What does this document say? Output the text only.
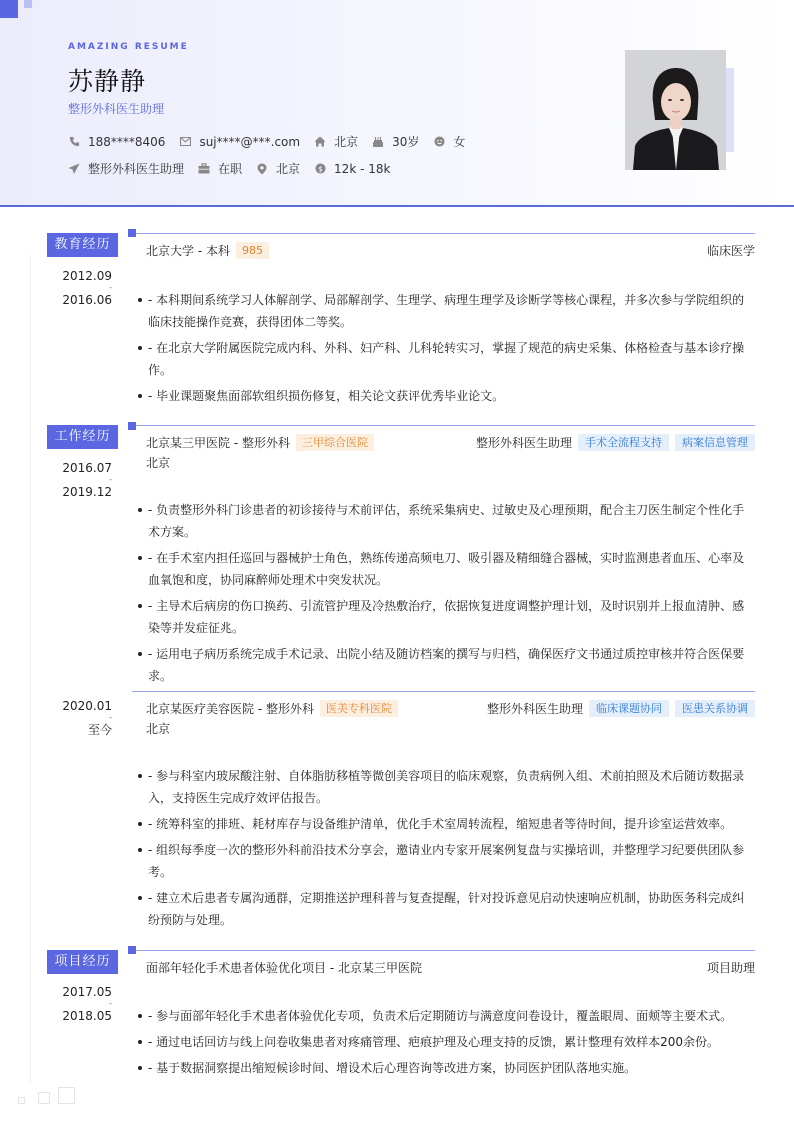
AMAZING RESUME
苏静静
整形外科医生助理
188****8406	suj****@***.com	北京	30岁	女
整形外科医生助理	在职	北京 $ 12k - 18k
教育经历
2012.09
-
2016.06
北京大学 - 本科	985	临床医学
- 本科期间系统学习人体解剖学、局部解剖学、生理学、病理生理学及诊断学等核心课程，并多次参与学院组织的临床技能操作竞赛，获得团体二等奖。
- 在北京大学附属医院完成内科、外科、妇产科、儿科轮转实习，掌握了规范的病史采集、体格检查与基本诊疗操作。
- 毕业课题聚焦面部软组织损伤修复，相关论文获评优秀毕业论文。
工作经历
2016.07
-
2019.12
北京某三甲医院 - 整形外科	三甲综合医院	整形外科医生助理	手术全流程支持	病案信息管理
北京
- 负责整形外科门诊患者的初诊接待与术前评估，系统采集病史、过敏史及心理预期，配合主刀医生制定个性化手术方案。
- 在手术室内担任巡回与器械护士角色，熟练传递高频电刀、吸引器及精细缝合器械，实时监测患者血压、心率及血氧饱和度，协同麻醉师处理术中突发状况。
- 主导术后病房的伤口换药、引流管护理及冷热敷治疗，依据恢复进度调整护理计划，及时识别并上报血清肿、感染等并发症征兆。
- 运用电子病历系统完成手术记录、出院小结及随访档案的撰写与归档，确保医疗文书通过质控审核并符合医保要求。
2020.01
-
至今
北京某医疗美容医院 - 整形外科	医美专科医院	整形外科医生助理	临床课题协同	医患关系协调
北京
- 参与科室内玻尿酸注射、自体脂肪移植等微创美容项目的临床观察，负责病例入组、术前拍照及术后随访数据录入，支持医生完成疗效评估报告。
- 统筹科室的排班、耗材库存与设备维护清单，优化手术室周转流程，缩短患者等待时间，提升诊室运营效率。
- 组织每季度一次的整形外科前沿技术分享会，邀请业内专家开展案例复盘与实操培训，并整理学习纪要供团队参考。
- 建立术后患者专属沟通群，定期推送护理科普与复查提醒，针对投诉意见启动快速响应机制，协助医务科完成纠纷预防与处理。
项目经历
2017.05
-
2018.05
面部年轻化手术患者体验优化项目 - 北京某三甲医院	项目助理
- 参与面部年轻化手术患者体验优化专项，负责术后定期随访与满意度问卷设计，覆盖眼周、面颊等主要术式。
- 通过电话回访与线上问卷收集患者对疼痛管理、疤痕护理及心理支持的反馈，累计整理有效样本200余份。
- 基于数据洞察提出缩短候诊时间、增设术后心理咨询等改进方案，协同医护团队落地实施。
